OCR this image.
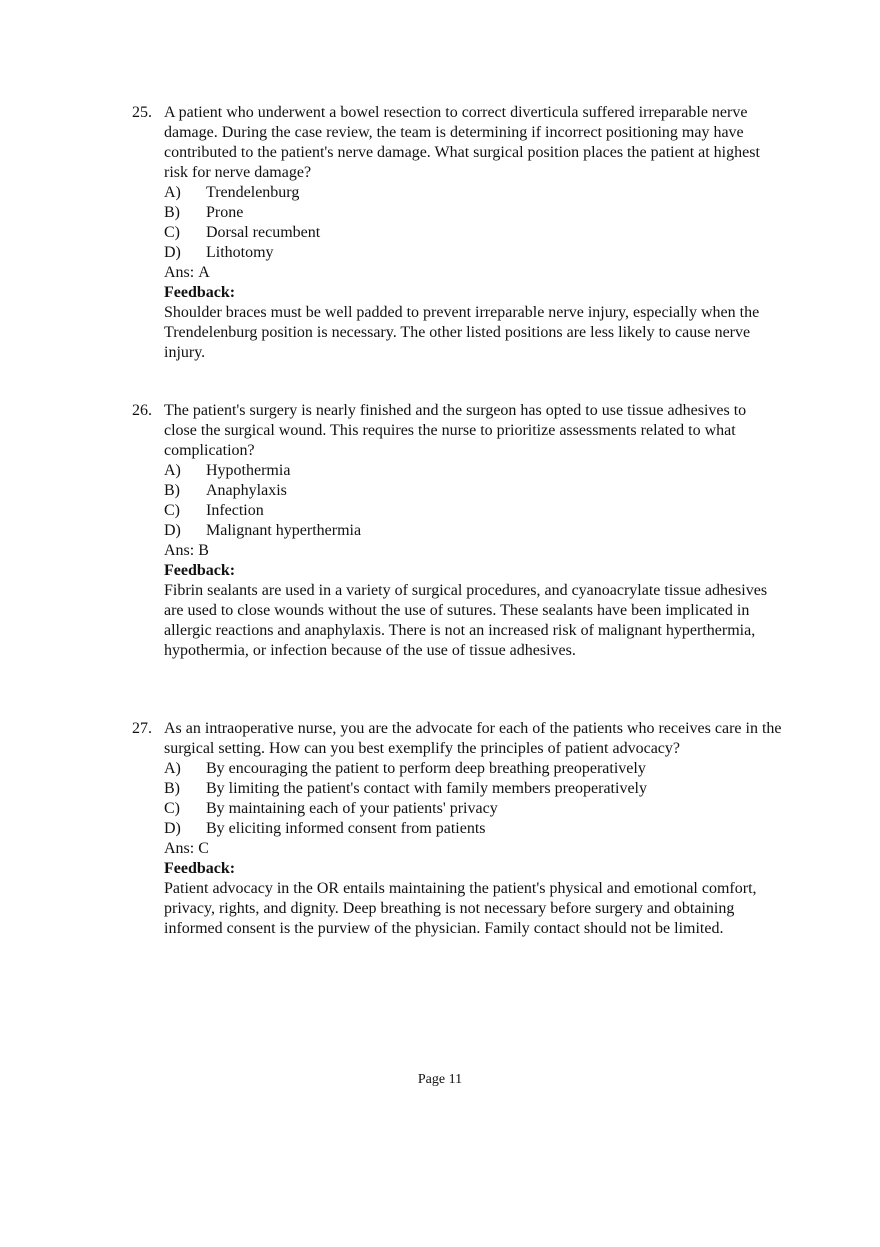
25. A patient who underwent a bowel resection to correct diverticula suffered irreparable nerve damage. During the case review, the team is determining if incorrect positioning may have contributed to the patient's nerve damage. What surgical position places the patient at highest risk for nerve damage?

A)	Trendelenburg
B)	Prone
C)	Dorsal recumbent
D)	Lithotomy

Ans: A

Feedback:

Shoulder braces must be well padded to prevent irreparable nerve injury, especially when the Trendelenburg position is necessary. The other listed positions are less likely to cause nerve injury.

26. The patient's surgery is nearly finished and the surgeon has opted to use tissue adhesives to close the surgical wound. This requires the nurse to prioritize assessments related to what complication?

A)	Hypothermia
B)	Anaphylaxis
C)	Infection
D)	Malignant hyperthermia

Ans: B

Feedback:

Fibrin sealants are used in a variety of surgical procedures, and cyanoacrylate tissue adhesives are used to close wounds without the use of sutures. These sealants have been implicated in allergic reactions and anaphylaxis. There is not an increased risk of malignant hyperthermia, hypothermia, or infection because of the use of tissue adhesives.

27. As an intraoperative nurse, you are the advocate for each of the patients who receives care in the surgical setting. How can you best exemplify the principles of patient advocacy?

A)	By encouraging the patient to perform deep breathing preoperatively
B)	By limiting the patient's contact with family members preoperatively
C)	By maintaining each of your patients' privacy
D)	By eliciting informed consent from patients

Ans: C

Feedback:

Patient advocacy in the OR entails maintaining the patient's physical and emotional comfort, privacy, rights, and dignity. Deep breathing is not necessary before surgery and obtaining informed consent is the purview of the physician. Family contact should not be limited.

Page 11
